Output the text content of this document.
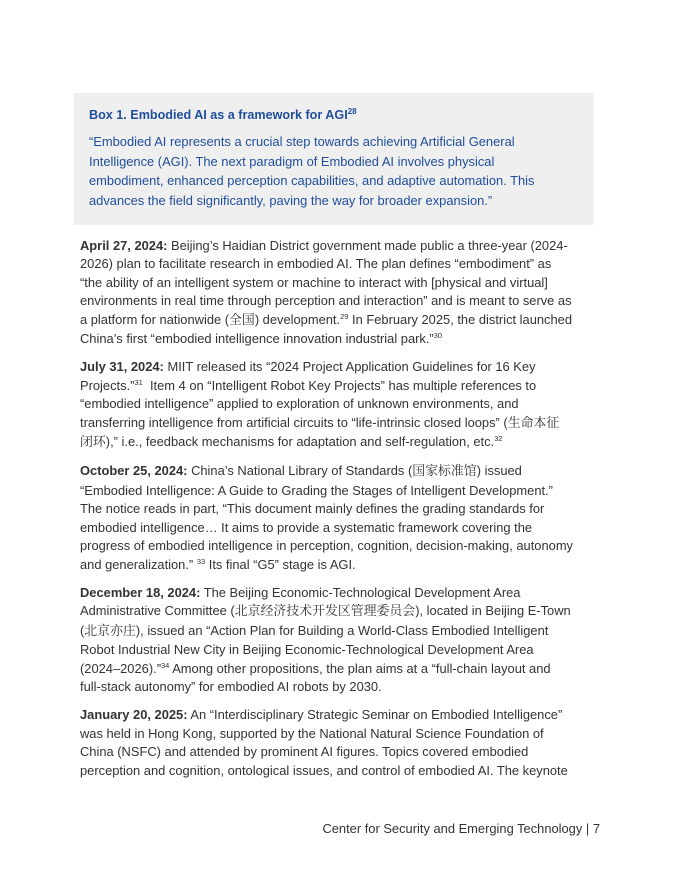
Box 1. Embodied AI as a framework for AGI$^{28}$

“Embodied AI represents a crucial step towards achieving Artificial General
Intelligence (AGI). The next paradigm of Embodied AI involves physical
embodiment, enhanced perception capabilities, and adaptive automation. This
advances the field significantly, paving the way for broader expansion.”

April 27, 2024: Beijing’s Haidian District government made public a three-year (2024-
2026) plan to facilitate research in embodied AI. The plan defines “embodiment” as
“the ability of an intelligent system or machine to interact with [physical and virtual]
environments in real time through perception and interaction” and is meant to serve as
a platform for nationwide (全国) development.$^{29}$ In February 2025, the district launched
China’s first “embodied intelligence innovation industrial park.”$^{30}$

July 31, 2024: MIIT released its “2024 Project Application Guidelines for 16 Key
Projects.”$^{31}$  Item 4 on “Intelligent Robot Key Projects” has multiple references to
“embodied intelligence” applied to exploration of unknown environments, and
transferring intelligence from artificial circuits to “life-intrinsic closed loops” (生命本征
闭环),” i.e., feedback mechanisms for adaptation and self-regulation, etc.$^{32}$

October 25, 2024: China’s National Library of Standards (国家标准馆) issued
“Embodied Intelligence: A Guide to Grading the Stages of Intelligent Development.”
The notice reads in part, “This document mainly defines the grading standards for
embodied intelligence… It aims to provide a systematic framework covering the
progress of embodied intelligence in perception, cognition, decision-making, autonomy
and generalization.” $^{33}$ Its final “G5” stage is AGI.

December 18, 2024: The Beijing Economic-Technological Development Area
Administrative Committee (北京经济技术开发区管理委员会), located in Beijing E-Town
(北京亦庄), issued an “Action Plan for Building a World-Class Embodied Intelligent
Robot Industrial New City in Beijing Economic-Technological Development Area
(2024–2026).”$^{34}$ Among other propositions, the plan aims at a “full-chain layout and
full-stack autonomy” for embodied AI robots by 2030.

January 20, 2025: An “Interdisciplinary Strategic Seminar on Embodied Intelligence”
was held in Hong Kong, supported by the National Natural Science Foundation of
China (NSFC) and attended by prominent AI figures. Topics covered embodied
perception and cognition, ontological issues, and control of embodied AI. The keynote

Center for Security and Emerging Technology | 7
